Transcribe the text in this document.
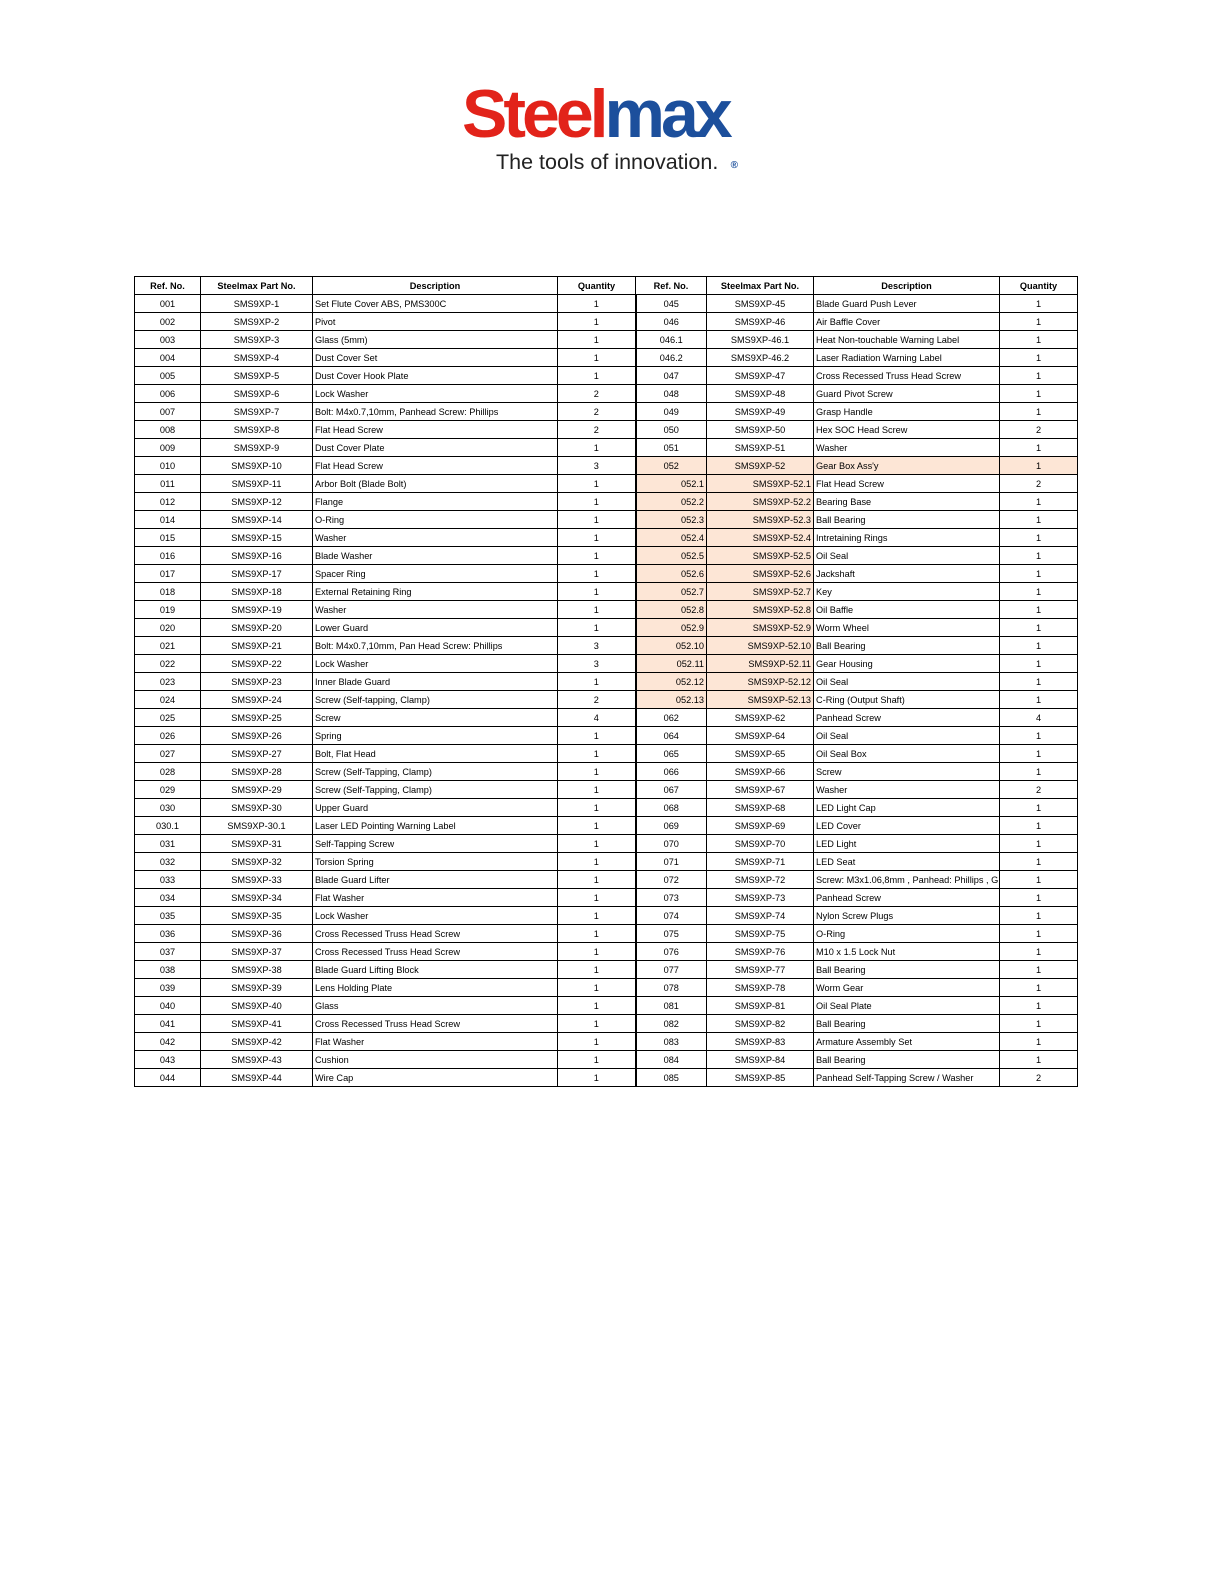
Steelmax®
The tools of innovation.
Ref. No.	Steelmax Part No.	Description	Quantity	Ref. No.	Steelmax Part No.	Description	Quantity
001	SMS9XP-1	Set Flute Cover ABS, PMS300C	1	045	SMS9XP-45	Blade Guard Push Lever	1
002	SMS9XP-2	Pivot	1	046	SMS9XP-46	Air Baffle Cover	1
003	SMS9XP-3	Glass (5mm)	1	046.1	SMS9XP-46.1	Heat Non-touchable Warning Label	1
004	SMS9XP-4	Dust Cover Set	1	046.2	SMS9XP-46.2	Laser Radiation Warning Label	1
005	SMS9XP-5	Dust Cover Hook Plate	1	047	SMS9XP-47	Cross Recessed Truss Head Screw	1
006	SMS9XP-6	Lock Washer	2	048	SMS9XP-48	Guard Pivot Screw	1
007	SMS9XP-7	Bolt: M4x0.7,10mm, Panhead Screw: Phillips	2	049	SMS9XP-49	Grasp Handle	1
008	SMS9XP-8	Flat Head Screw	2	050	SMS9XP-50	Hex SOC Head Screw	2
009	SMS9XP-9	Dust Cover Plate	1	051	SMS9XP-51	Washer	1
010	SMS9XP-10	Flat Head Screw	3	052	SMS9XP-52	Gear Box Ass'y	1
011	SMS9XP-11	Arbor Bolt (Blade Bolt)	1	052.1	SMS9XP-52.1	Flat Head Screw	2
012	SMS9XP-12	Flange	1	052.2	SMS9XP-52.2	Bearing Base	1
014	SMS9XP-14	O-Ring	1	052.3	SMS9XP-52.3	Ball Bearing	1
015	SMS9XP-15	Washer	1	052.4	SMS9XP-52.4	Intretaining Rings	1
016	SMS9XP-16	Blade Washer	1	052.5	SMS9XP-52.5	Oil Seal	1
017	SMS9XP-17	Spacer Ring	1	052.6	SMS9XP-52.6	Jackshaft	1
018	SMS9XP-18	External Retaining Ring	1	052.7	SMS9XP-52.7	Key	1
019	SMS9XP-19	Washer	1	052.8	SMS9XP-52.8	Oil Baffle	1
020	SMS9XP-20	Lower Guard	1	052.9	SMS9XP-52.9	Worm Wheel	1
021	SMS9XP-21	Bolt: M4x0.7,10mm, Pan Head Screw: Phillips	3	052.10	SMS9XP-52.10	Ball Bearing	1
022	SMS9XP-22	Lock Washer	3	052.11	SMS9XP-52.11	Gear Housing	1
023	SMS9XP-23	Inner Blade Guard	1	052.12	SMS9XP-52.12	Oil Seal	1
024	SMS9XP-24	Screw (Self-tapping, Clamp)	2	052.13	SMS9XP-52.13	C-Ring (Output Shaft)	1
025	SMS9XP-25	Screw	4	062	SMS9XP-62	Panhead Screw	4
026	SMS9XP-26	Spring	1	064	SMS9XP-64	Oil Seal	1
027	SMS9XP-27	Bolt, Flat Head	1	065	SMS9XP-65	Oil Seal Box	1
028	SMS9XP-28	Screw (Self-Tapping, Clamp)	1	066	SMS9XP-66	Screw	1
029	SMS9XP-29	Screw (Self-Tapping, Clamp)	1	067	SMS9XP-67	Washer	2
030	SMS9XP-30	Upper Guard	1	068	SMS9XP-68	LED Light Cap	1
030.1	SMS9XP-30.1	Laser LED Pointing Warning Label	1	069	SMS9XP-69	LED Cover	1
031	SMS9XP-31	Self-Tapping Screw	1	070	SMS9XP-70	LED Light	1
032	SMS9XP-32	Torsion Spring	1	071	SMS9XP-71	LED Seat	1
033	SMS9XP-33	Blade Guard Lifter	1	072	SMS9XP-72	Screw: M3x1.06,8mm , Panhead: Phillips , G	1
034	SMS9XP-34	Flat Washer	1	073	SMS9XP-73	Panhead Screw	1
035	SMS9XP-35	Lock Washer	1	074	SMS9XP-74	Nylon Screw Plugs	1
036	SMS9XP-36	Cross Recessed Truss Head Screw	1	075	SMS9XP-75	O-Ring	1
037	SMS9XP-37	Cross Recessed Truss Head Screw	1	076	SMS9XP-76	M10 x 1.5 Lock Nut	1
038	SMS9XP-38	Blade Guard Lifting Block	1	077	SMS9XP-77	Ball Bearing	1
039	SMS9XP-39	Lens Holding Plate	1	078	SMS9XP-78	Worm Gear	1
040	SMS9XP-40	Glass	1	081	SMS9XP-81	Oil Seal Plate	1
041	SMS9XP-41	Cross Recessed Truss Head Screw	1	082	SMS9XP-82	Ball Bearing	1
042	SMS9XP-42	Flat Washer	1	083	SMS9XP-83	Armature Assembly Set	1
043	SMS9XP-43	Cushion	1	084	SMS9XP-84	Ball Bearing	1
044	SMS9XP-44	Wire Cap	1	085	SMS9XP-85	Panhead Self-Tapping Screw / Washer	2
